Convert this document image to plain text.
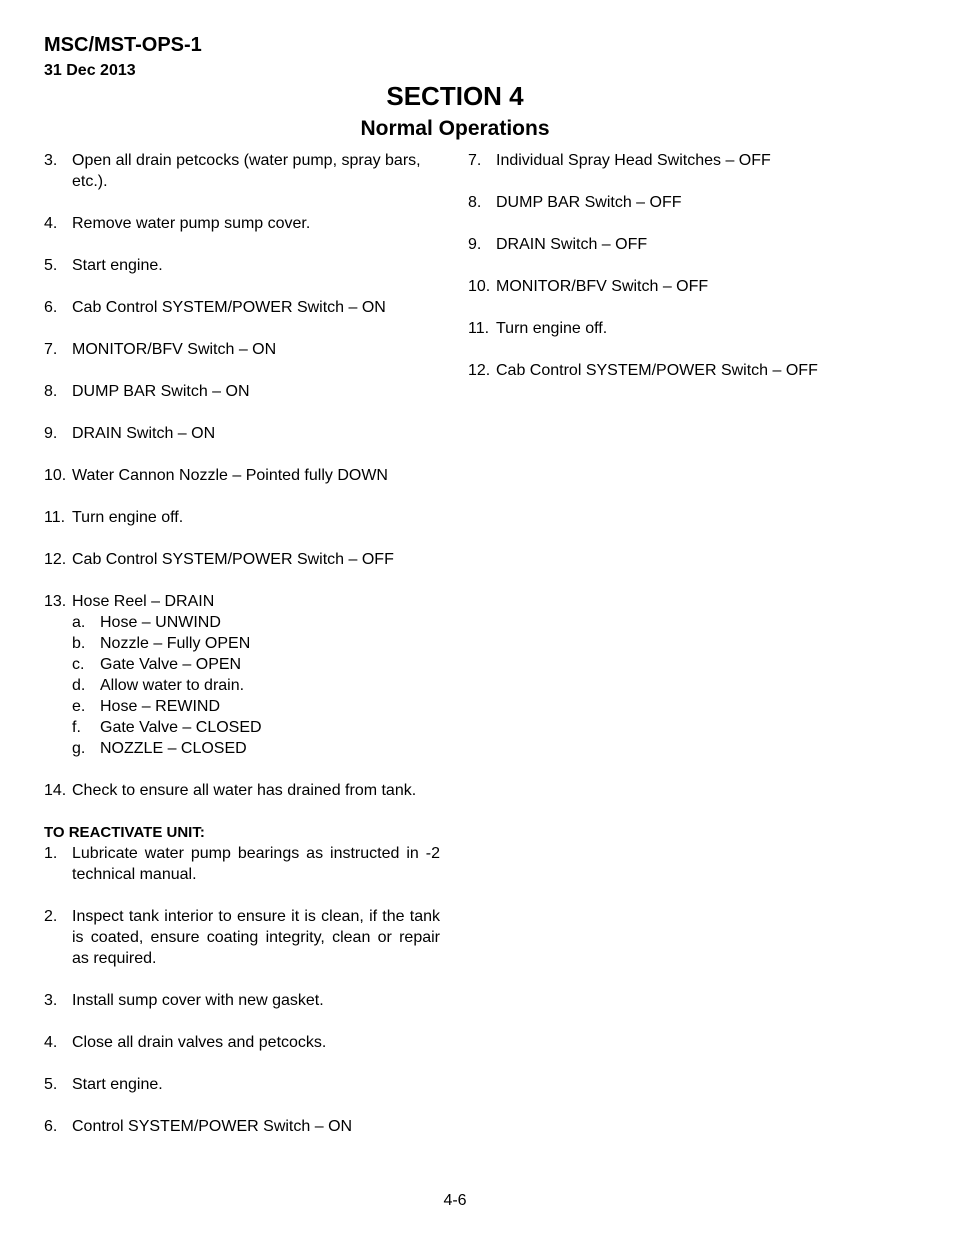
MSC/MST-OPS-1
31 Dec 2013
SECTION 4
Normal Operations
3. Open all drain petcocks (water pump, spray bars, etc.).
4. Remove water pump sump cover.
5. Start engine.
6. Cab Control SYSTEM/POWER Switch – ON
7. MONITOR/BFV Switch – ON
8. DUMP BAR Switch – ON
9. DRAIN Switch – ON
10. Water Cannon Nozzle – Pointed fully DOWN
11. Turn engine off.
12. Cab Control SYSTEM/POWER Switch – OFF
13. Hose Reel – DRAIN
a. Hose – UNWIND
b. Nozzle – Fully OPEN
c. Gate Valve – OPEN
d. Allow water to drain.
e. Hose – REWIND
f.	Gate Valve – CLOSED
g. NOZZLE – CLOSED
14. Check to ensure all water has drained from tank.
TO REACTIVATE UNIT:
1. Lubricate water pump bearings as instructed in -2 technical manual.
2. Inspect tank interior to ensure it is clean, if the tank is coated, ensure coating integrity, clean or repair as required.
3. Install sump cover with new gasket.
4. Close all drain valves and petcocks.
5. Start engine.
6. Control SYSTEM/POWER Switch – ON
7. Individual Spray Head Switches – OFF
8. DUMP BAR Switch – OFF
9. DRAIN Switch – OFF
10. MONITOR/BFV Switch – OFF
11. Turn engine off.
12. Cab Control SYSTEM/POWER Switch – OFF
4-6
